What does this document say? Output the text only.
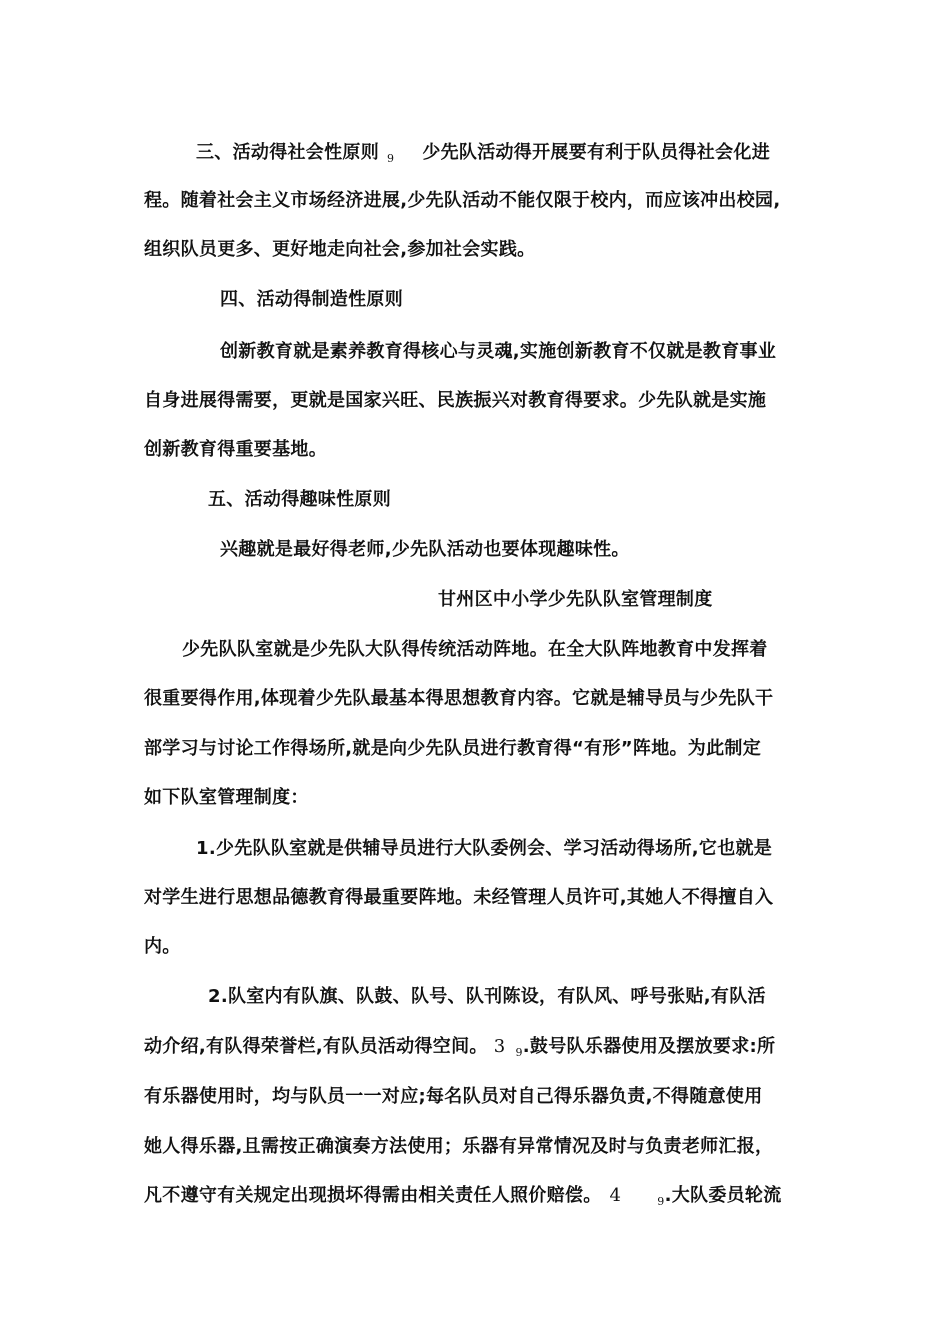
三、活动得社会性原则 $_9$ 少先队活动得开展要有利于队员得社会化进
程。随着社会主义市场经济进展,少先队活动不能仅限于校内，而应该冲出校园,
组织队员更多、更好地走向社会,参加社会实践。
四、活动得制造性原则
创新教育就是素养教育得核心与灵魂,实施创新教育不仅就是教育事业
自身进展得需要，更就是国家兴旺、民族振兴对教育得要求。少先队就是实施
创新教育得重要基地。
五、活动得趣味性原则
兴趣就是最好得老师,少先队活动也要体现趣味性。
甘州区中小学少先队队室管理制度
少先队队室就是少先队大队得传统活动阵地。在全大队阵地教育中发挥着
很重要得作用,体现着少先队最基本得思想教育内容。它就是辅导员与少先队干
部学习与讨论工作得场所,就是向少先队员进行教育得“有形”阵地。为此制定
如下队室管理制度：
1.少先队队室就是供辅导员进行大队委例会、学习活动得场所,它也就是
对学生进行思想品德教育得最重要阵地。未经管理人员许可,其她人不得擅自入
内。
2.队室内有队旗、队鼓、队号、队刊陈设，有队风、呼号张贴,有队活
动介绍,有队得荣誉栏,有队员活动得空间。 3 $_9$.鼓号队乐器使用及摆放要求:所
有乐器使用时，均与队员一一对应;每名队员对自己得乐器负责,不得随意使用
她人得乐器,且需按正确演奏方法使用；乐器有异常情况及时与负责老师汇报，
凡不遵守有关规定出现损坏得需由相关责任人照价赔偿。 4	$_9$.大队委员轮流
